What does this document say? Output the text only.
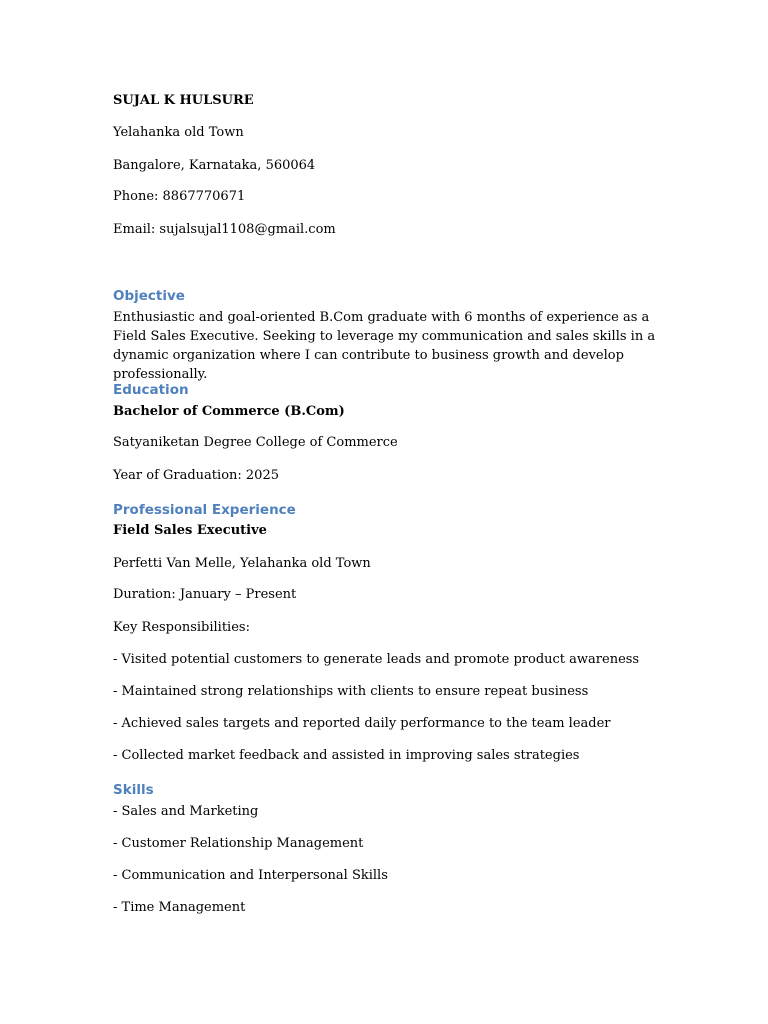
SUJAL K HULSURE
Yelahanka old Town
Bangalore, Karnataka, 560064
Phone: 8867770671
Email: sujalsujal1108@gmail.com
Objective
Enthusiastic and goal-oriented B.Com graduate with 6 months of experience as a Field Sales Executive. Seeking to leverage my communication and sales skills in a dynamic organization where I can contribute to business growth and develop professionally.
Education
Bachelor of Commerce (B.Com)
Satyaniketan Degree College of Commerce
Year of Graduation: 2025
Professional Experience
Field Sales Executive
Perfetti Van Melle, Yelahanka old Town
Duration: January – Present
Key Responsibilities:
- Visited potential customers to generate leads and promote product awareness
- Maintained strong relationships with clients to ensure repeat business
- Achieved sales targets and reported daily performance to the team leader
- Collected market feedback and assisted in improving sales strategies
Skills
- Sales and Marketing
- Customer Relationship Management
- Communication and Interpersonal Skills
- Time Management
